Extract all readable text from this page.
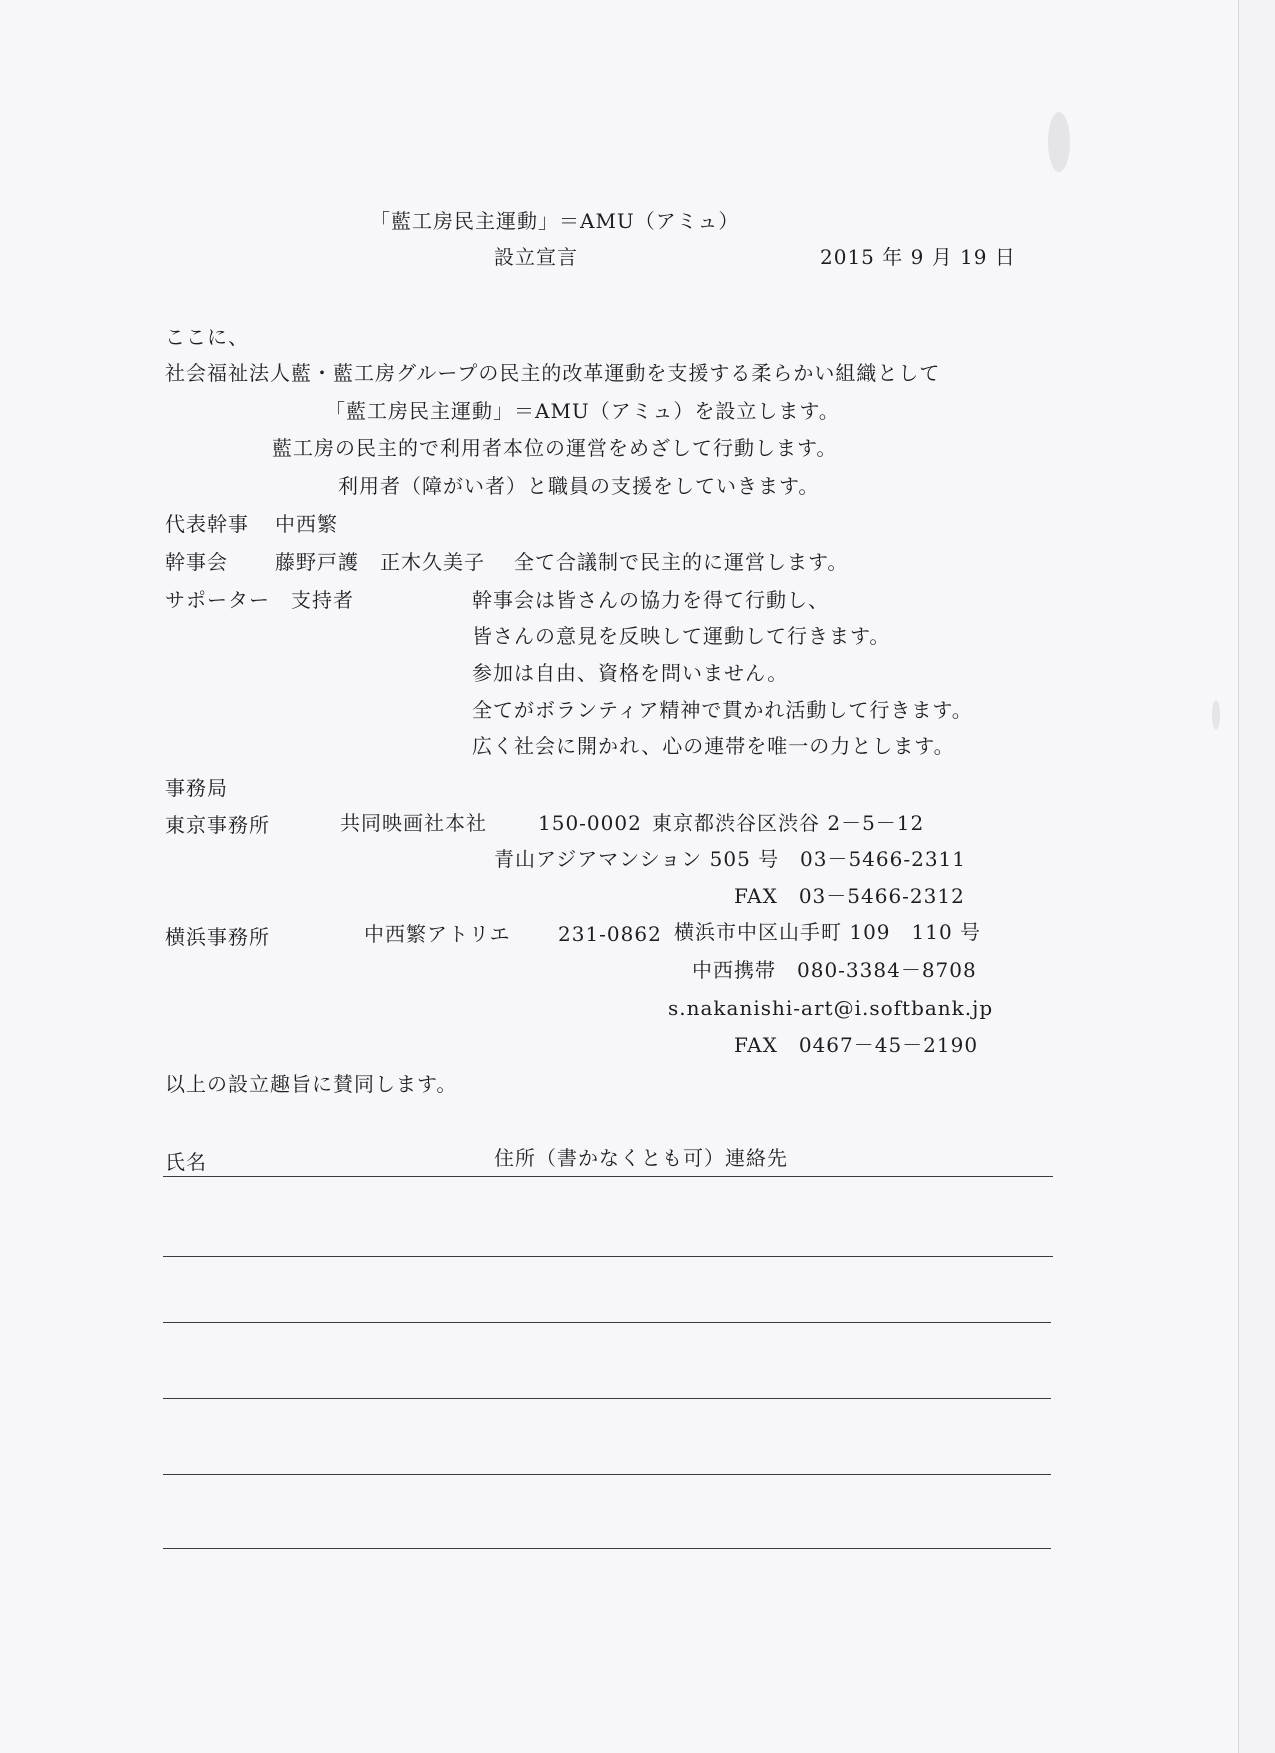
「藍工房民主運動」＝AMU（アミュ）
設立宣言	2015 年 9 月 19 日
ここに、
社会福祉法人藍・藍工房グループの民主的改革運動を支援する柔らかい組織として
「藍工房民主運動」＝AMU（アミュ）を設立します。
藍工房の民主的で利用者本位の運営をめざして行動します。
利用者（障がい者）と職員の支援をしていきます。
代表幹事 中西繁
幹事会 藤野戸護　正木久美子 全て合議制で民主的に運営します。
サポーター　支持者	幹事会は皆さんの協力を得て行動し、
皆さんの意見を反映して運動して行きます。
参加は自由、資格を問いません。
全てがボランティア精神で貫かれ活動して行きます。
広く社会に開かれ、心の連帯を唯一の力とします。
事務局
東京事務所	共同映画社本社	150-0002 東京都渋谷区渋谷 2－5－12
青山アジアマンション 505 号 03－5466-2311
FAX　03－5466-2312
横浜事務所	中西繁アトリエ 231-0862 横浜市中区山手町 109　110 号
中西携帯　080-3384－8708
s.nakanishi-art@i.softbank.jp
FAX　0467－45－2190
以上の設立趣旨に賛同します。
氏名	住所（書かなくとも可）連絡先
